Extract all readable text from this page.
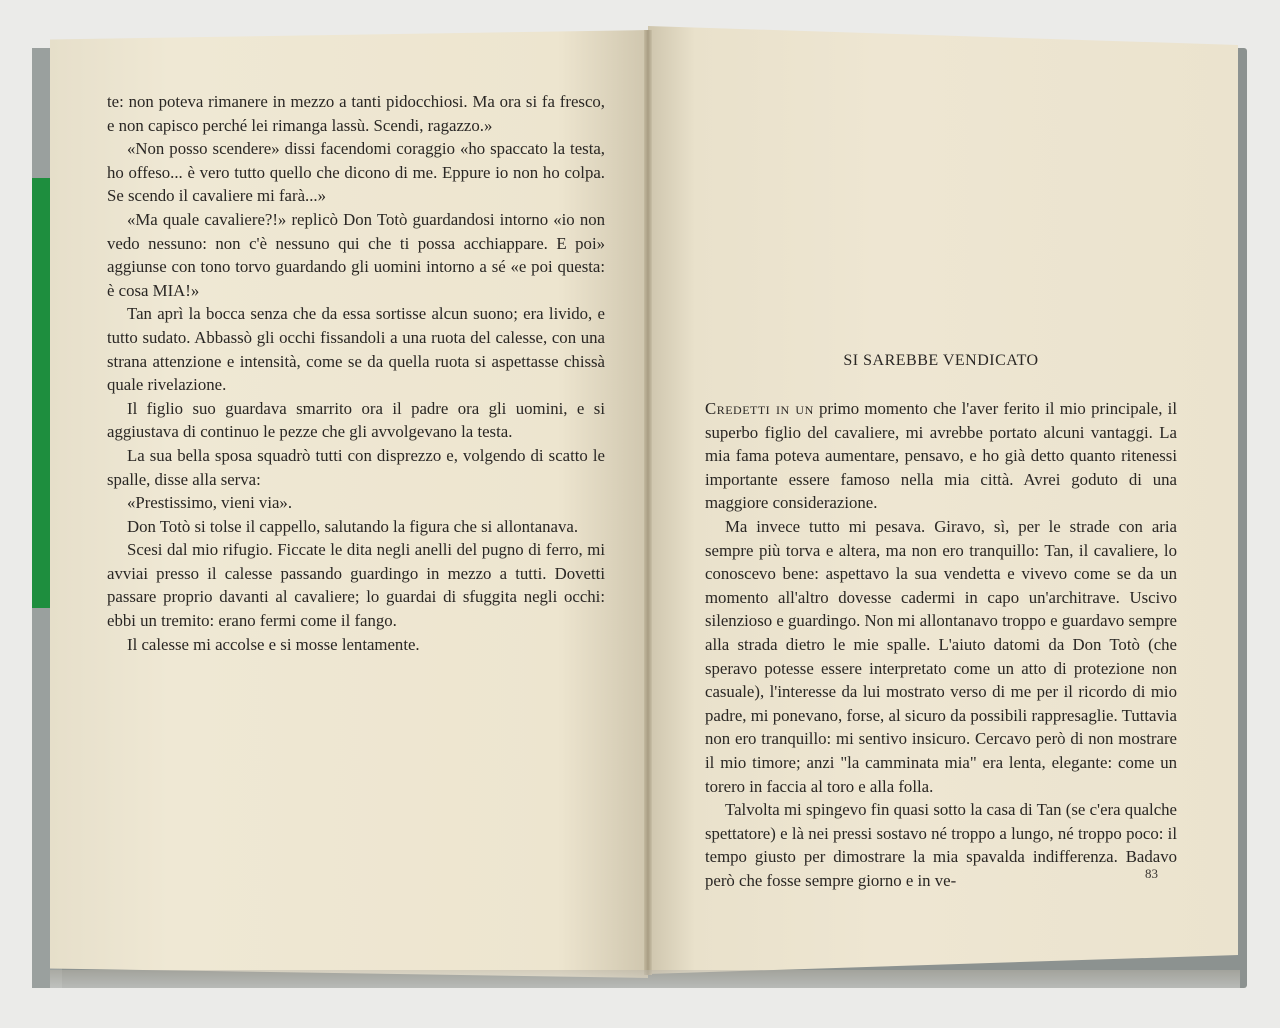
te: non poteva rimanere in mezzo a tanti pidocchiosi. Ma ora si fa fresco, e non capisco perché lei rimanga lassù. Scendi, ragazzo.»

«Non posso scendere» dissi facendomi coraggio «ho spaccato la testa, ho offeso... è vero tutto quello che dicono di me. Eppure io non ho colpa. Se scendo il cavaliere mi farà...»

«Ma quale cavaliere?!» replicò Don Totò guardandosi intorno «io non vedo nessuno: non c'è nessuno qui che ti possa acchiappare. E poi» aggiunse con tono torvo guardando gli uomini intorno a sé «e poi questa: è cosa MIA!»

Tan aprì la bocca senza che da essa sortisse alcun suono; era livido, e tutto sudato. Abbassò gli occhi fissandoli a una ruota del calesse, con una strana attenzione e intensità, come se da quella ruota si aspettasse chissà quale rivelazione.

Il figlio suo guardava smarrito ora il padre ora gli uomini, e si aggiustava di continuo le pezze che gli avvolgevano la testa.

La sua bella sposa squadrò tutti con disprezzo e, volgendo di scatto le spalle, disse alla serva:

«Prestissimo, vieni via».

Don Totò si tolse il cappello, salutando la figura che si allontanava.

Scesi dal mio rifugio. Ficcate le dita negli anelli del pugno di ferro, mi avviai presso il calesse passando guardingo in mezzo a tutti. Dovetti passare proprio davanti al cavaliere; lo guardai di sfuggita negli occhi: ebbi un tremito: erano fermi come il fango.

Il calesse mi accolse e si mosse lentamente.

SI SAREBBE VENDICATO

Credetti in un primo momento che l'aver ferito il mio principale, il superbo figlio del cavaliere, mi avrebbe portato alcuni vantaggi. La mia fama poteva aumentare, pensavo, e ho già detto quanto ritenessi importante essere famoso nella mia città. Avrei goduto di una maggiore considerazione.

Ma invece tutto mi pesava. Giravo, sì, per le strade con aria sempre più torva e altera, ma non ero tranquillo: Tan, il cavaliere, lo conoscevo bene: aspettavo la sua vendetta e vivevo come se da un momento all'altro dovesse cadermi in capo un'architrave. Uscivo silenzioso e guardingo. Non mi allontanavo troppo e guardavo sempre alla strada dietro le mie spalle. L'aiuto datomi da Don Totò (che speravo potesse essere interpretato come un atto di protezione non casuale), l'interesse da lui mostrato verso di me per il ricordo di mio padre, mi ponevano, forse, al sicuro da possibili rappresaglie. Tuttavia non ero tranquillo: mi sentivo insicuro. Cercavo però di non mostrare il mio timore; anzi "la camminata mia" era lenta, elegante: come un torero in faccia al toro e alla folla.

Talvolta mi spingevo fin quasi sotto la casa di Tan (se c'era qualche spettatore) e là nei pressi sostavo né troppo a lungo, né troppo poco: il tempo giusto per dimostrare la mia spavalda indifferenza. Badavo però che fosse sempre giorno e in ve-	83
